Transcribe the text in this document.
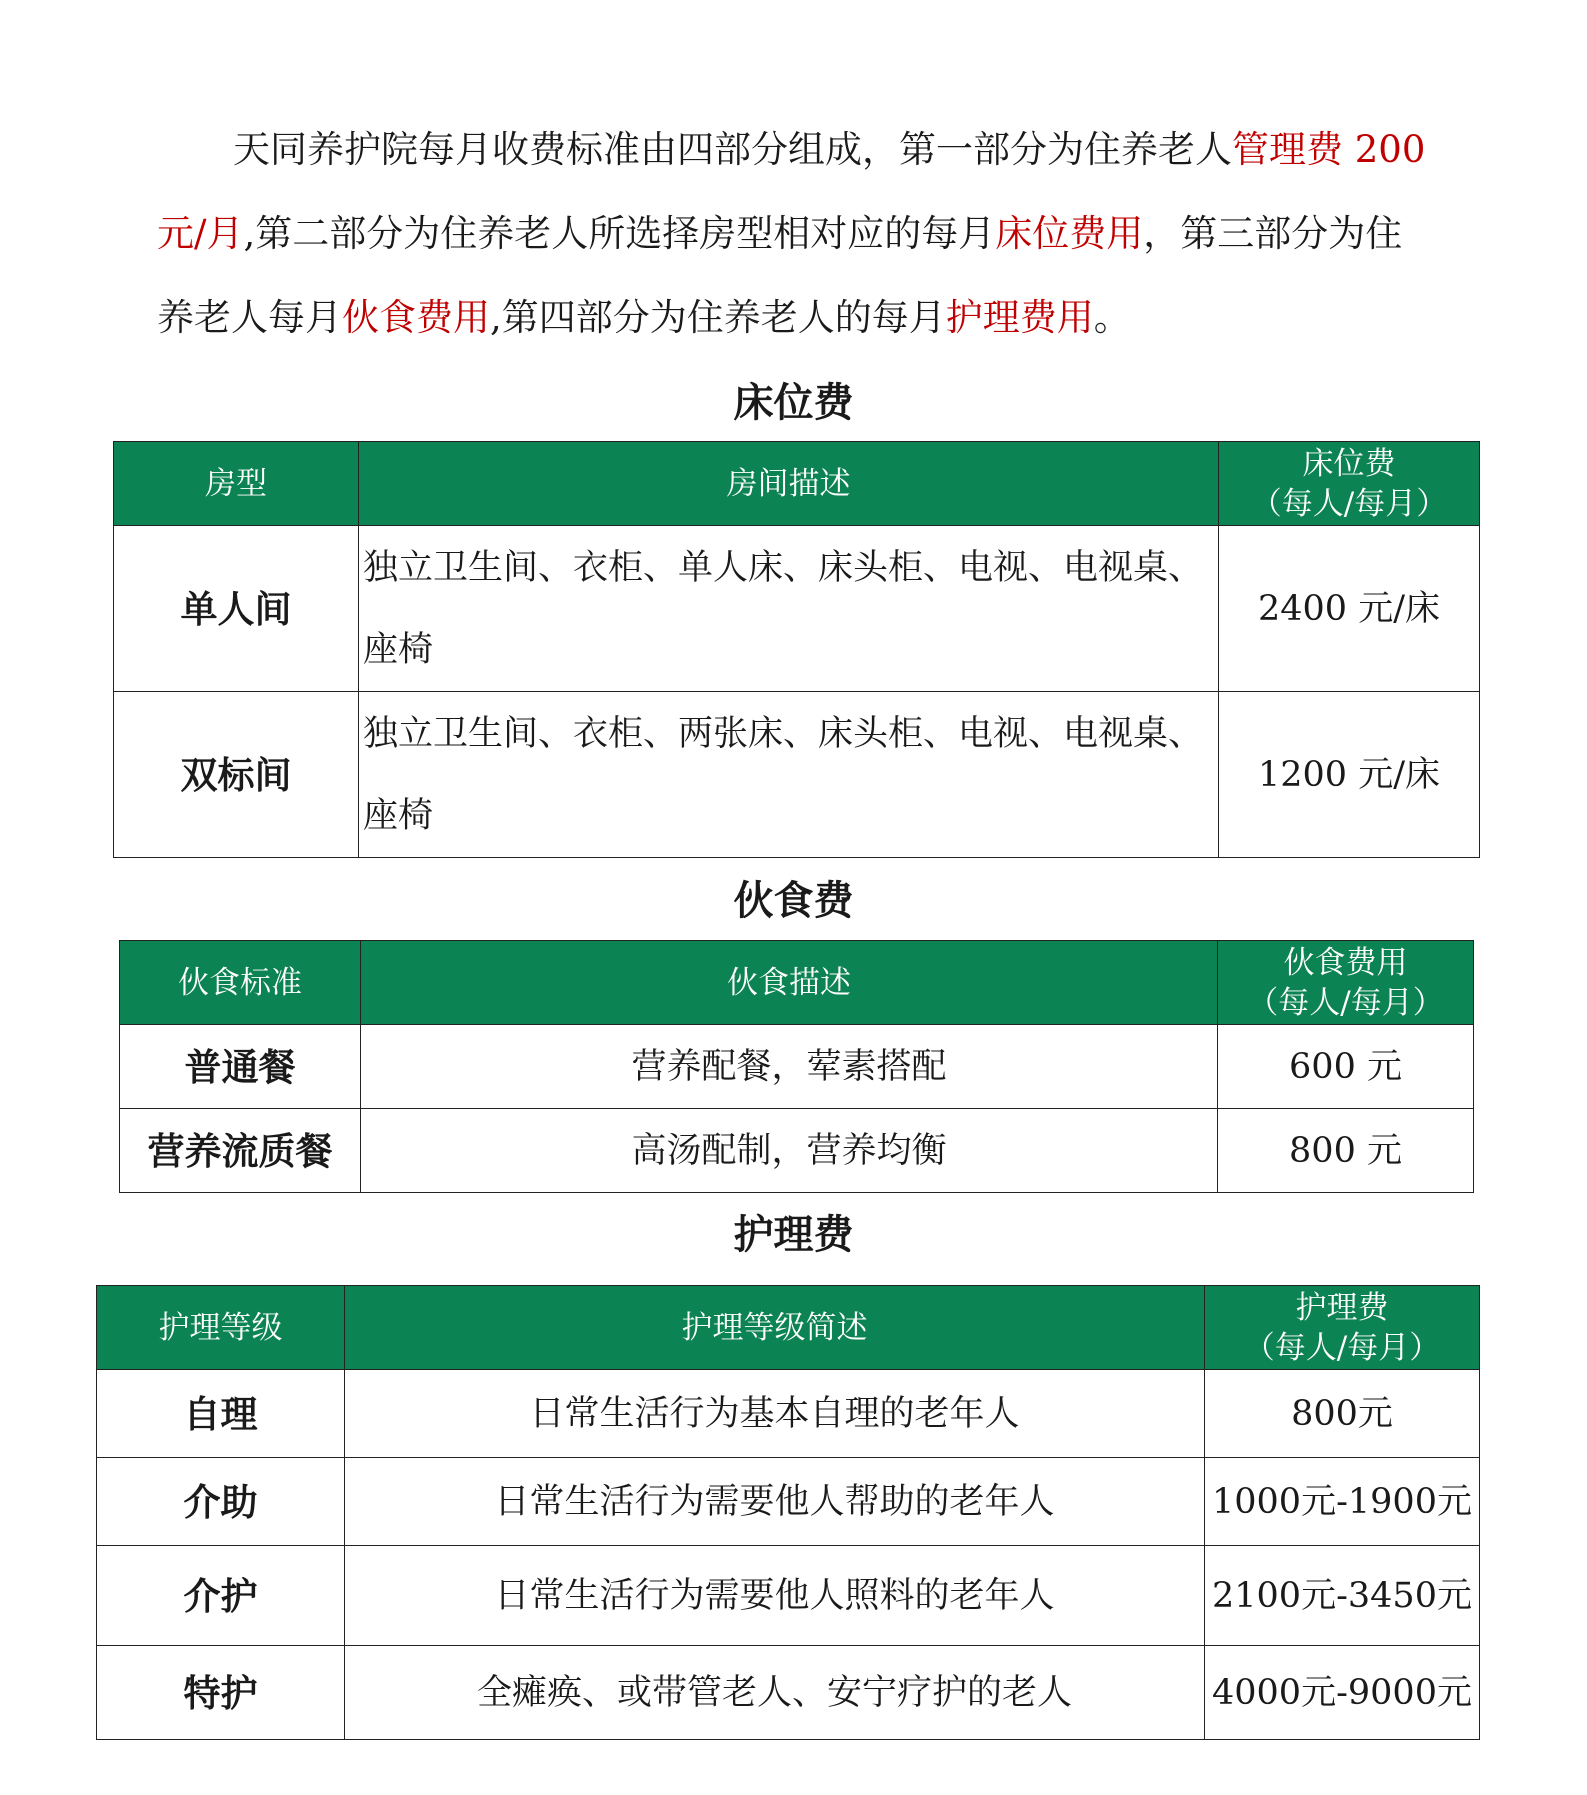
天同养护院每月收费标准由四部分组成，第一部分为住养老人管理费 200 元/月,第二部分为住养老人所选择房型相对应的每月床位费用，第三部分为住养老人每月伙食费用,第四部分为住养老人的每月护理费用。

床位费
房型	房间描述	床位费
（每人/每月）

单人间	独立卫生间、衣柜、单人床、床头柜、电视、电视桌、座椅	2400 元/床
双标间	独立卫生间、衣柜、两张床、床头柜、电视、电视桌、座椅	1200 元/床
伙食费
伙食标准	伙食描述	伙食费用
（每人/每月）

普通餐	营养配餐，荤素搭配	600 元
营养流质餐	高汤配制，营养均衡	800 元
护理费
护理等级	护理等级简述	护理费
（每人/每月）

自理	日常生活行为基本自理的老年人	800元
介助	日常生活行为需要他人帮助的老年人	1000元-1900元
介护	日常生活行为需要他人照料的老年人	2100元-3450元
特护	全瘫痪、或带管老人、安宁疗护的老人	4000元-9000元
